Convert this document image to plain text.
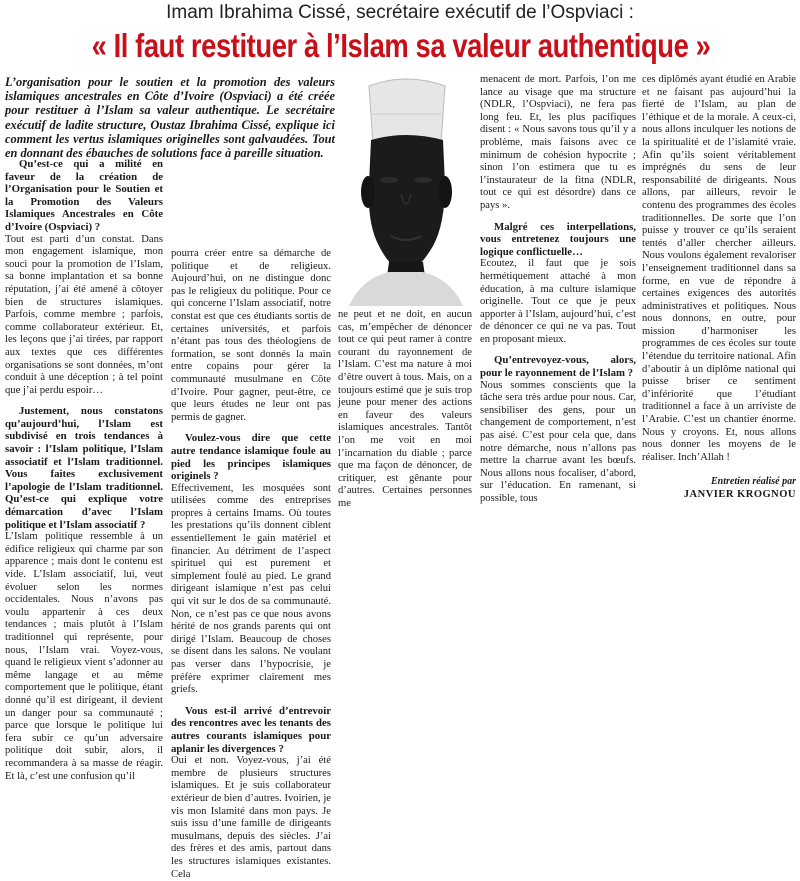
Imam Ibrahima Cissé, secrétaire exécutif de l’Ospviaci :
« Il faut restituer à l’Islam sa valeur authentique »
L’organisation pour le soutien et la promotion des valeurs islamiques ancestrales en Côte d’Ivoire (Ospviaci) a été créée pour restituer à l’Islam sa valeur authentique. Le secrétaire exécutif de ladite structure, Oustaz Ibrahima Cissé, explique ici comment les vertus islamiques originelles sont galvaudées. Tout en donnant des ébauches de solutions face à pareille situation.

Qu’est-ce qui a milité en faveur de la création de l’Organisation pour le Soutien et la Promotion des Valeurs Islamiques Ancestrales en Côte d’Ivoire (Ospviaci) ?

Tout est parti d’un constat. Dans mon engagement islamique, mon souci pour la promotion de l’Islam, sa bonne implantation et sa bonne réputation, j’ai été amené à côtoyer bien de structures islamiques. Parfois, comme membre ; parfois, comme collaborateur extérieur. Et, les leçons que j’ai tirées, par rapport aux textes que ces différentes organisations se sont données, m’ont conduit à une déception ; à tel point que j’ai perdu espoir…

Justement, nous constatons qu’aujourd’hui, l’Islam est subdivisé en trois tendances à savoir : l’Islam politique, l’Islam associatif et l’Islam traditionnel. Vous faites exclusivement l’apologie de l’Islam traditionnel. Qu’est-ce qui explique votre démarcation d’avec l’Islam politique et l’Islam associatif ?

L’Islam politique ressemble à un édifice religieux qui charme par son apparence ; mais dont le contenu est vide. L’Islam associatif, lui, veut évoluer selon les normes occidentales. Nous n’avons pas voulu appartenir à ces deux tendances ; mais plutôt à l’Islam traditionnel qui représente, pour nous, l’Islam vrai. Voyez-vous, quand le religieux vient s’adonner au même langage et au même comportement que le politique, étant donné qu’il est dirigeant, il devient un danger pour sa communauté ; parce que lorsque le politique lui fera subir ce qu’un adversaire politique doit subir, alors, il recommandera à sa masse de réagir. Et là, c’est une confusion qu’il

pourra créer entre sa démarche de politique et de religieux. Aujourd’hui, on ne distingue donc pas le religieux du politique. Pour ce qui concerne l’Islam associatif, notre constat est que ces étudiants sortis de certaines universités, et parfois n’étant pas tous des théologiens de formation, se sont donnés la main entre copains pour gérer la communauté musulmane en Côte d’Ivoire. Pour gagner, peut-être, ce que leurs études ne leur ont pas permis de gagner.

Voulez-vous dire que cette autre tendance islamique foule au pied les principes islamiques originels ?

Effectivement, les mosquées sont utilisées comme des entreprises propres à certains Imams. Où toutes les prestations qu’ils donnent ciblent essentiellement le gain matériel et financier. Au détriment de l’aspect spirituel qui est purement et simplement foulé au pied. Le grand dirigeant islamique n’est pas celui qui vit sur le dos de sa communauté. Non, ce n’est pas ce que nous avons hérité de nos grands parents qui ont dirigé l’Islam. Beaucoup de choses se disent dans les salons. Ne voulant pas verser dans l’hypocrisie, je préfère exprimer clairement mes griefs.

Vous est-il arrivé d’entrevoir des rencontres avec les tenants des autres courants islamiques pour aplanir les divergences ?

Oui et non. Voyez-vous, j’ai été membre de plusieurs structures islamiques. Et je suis collaborateur extérieur de bien d’autres. Ivoirien, je vis mon Islamité dans mon pays. Je suis issu d’une famille de dirigeants musulmans, depuis des siècles. J’ai des frères et des amis, partout dans les structures islamiques existantes. Cela

ne peut et ne doit, en aucun cas, m’empêcher de dénoncer tout ce qui peut ramer à contre courant du rayonnement de l’Islam. C’est ma nature à moi d’être ouvert à tous. Mais, on a toujours estimé que je suis trop jeune pour mener des actions en faveur des valeurs islamiques ancestrales. Tantôt l’on me voit en moi l’incarnation du diable ; parce que ma façon de dénoncer, de critiquer, est gênante pour d’autres. Certaines personnes me

menacent de mort. Parfois, l’on me lance au visage que ma structure (NDLR, l’Ospviaci), ne fera pas long feu. Et, les plus pacifiques disent : « Nous savons tous qu’il y a problème, mais faisons avec ce minimum de cohésion hypocrite ; sinon l’on estimera que tu es l’instaurateur de la fitna (NDLR, tout ce qui est désordre) dans ce pays ».

Malgré ces interpellations, vous entretenez toujours une logique conflictuelle…

Ecoutez, il faut que je sois hermétiquement attaché à mon éducation, à ma culture islamique originelle. Tout ce que je peux apporter à l’Islam, aujourd’hui, c’est de dénoncer ce qui ne va pas. Tout en proposant mieux.

Qu’entrevoyez-vous, alors, pour le rayonnement de l’Islam ?

Nous sommes conscients que la tâche sera très ardue pour nous. Car, sensibiliser des gens, pour un changement de comportement, n’est pas aisé. C’est pour cela que, dans notre démarche, nous n’allons pas mettre la charrue avant les bœufs. Nous allons nous focaliser, d’abord, sur l’éducation. En ramenant, si possible, tous

ces diplômés ayant étudié en Arabie et ne faisant pas aujourd’hui la fierté de l’Islam, au plan de l’éthique et de la morale. A ceux-ci, nous allons inculquer les notions de la spiritualité et de l’islamité vraie. Afin qu’ils soient véritablement imprégnés du sens de leur responsabilité de dirigeants. Nous allons, par ailleurs, revoir le contenu des programmes des écoles traditionnelles. De sorte que l’on puisse y trouver ce qu’ils seraient tentés d’aller chercher ailleurs. Nous voulons également revaloriser l’enseignement traditionnel dans sa forme, en vue de répondre à certaines exigences des autorités administratives et politiques. Nous nous donnons, en outre, pour mission d’harmoniser les programmes de ces écoles sur toute l’étendue du territoire national. Afin d’aboutir à un diplôme national qui puisse briser ce sentiment d’infériorité que l’étudiant traditionnel a face à un arriviste de l’Arabie. C’est un chantier énorme. Nous y croyons. Et, nous allons nous donner les moyens de le réaliser. Inch’Allah !

Entretien réalisé par
JANVIER KROGNOU
